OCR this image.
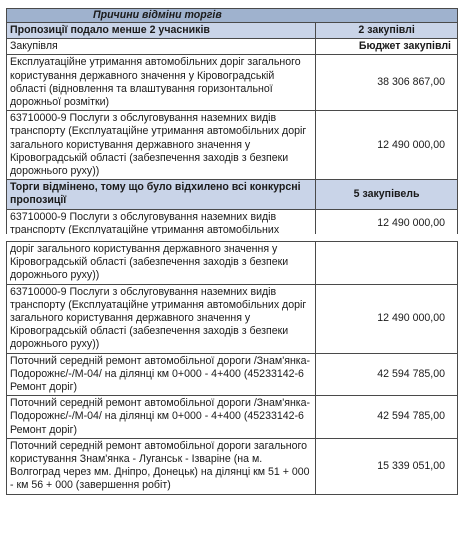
Причини відміни торгів	
Пропозиції подало менше 2 учасників	2 закупівлі
Закупівля	Бюджет закупівлі
Експлуатаційне утримання автомобільних доріг загального користування державного значення у Кіровоградській області (відновлення та влаштування горизонтальної дорожньої розмітки)	38 306 867,00
63710000-9 Послуги з обслуговування наземних видів транспорту (Експлуатаційне утримання автомобільних доріг загального користування державного значення у Кіровоградській області (забезпечення заходів з безпеки дорожнього руху))	12 490 000,00
Торги відмінено, тому що було відхилено всі конкурсні пропозиції	5 закупівель
63710000-9 Послуги з обслуговування наземних видів транспорту (Експлуатаційне утримання автомобільних	12 490 000,00
доріг загального користування державного значення у Кіровоградській області (забезпечення заходів з безпеки дорожнього руху))	
63710000-9 Послуги з обслуговування наземних видів транспорту (Експлуатаційне утримання автомобільних доріг загального користування державного значення у Кіровоградській області (забезпечення заходів з безпеки дорожнього руху))	12 490 000,00
Поточний середній ремонт автомобільної дороги /Знам'янка-Подорожнє/-/М-04/ на ділянці км 0+000 - 4+400 (45233142-6 Ремонт доріг)	42 594 785,00
Поточний середній ремонт автомобільної дороги /Знам'янка-Подорожнє/-/М-04/ на ділянці км 0+000 - 4+400 (45233142-6 Ремонт доріг)	42 594 785,00
Поточний середній ремонт автомобільної дороги загального користування Знам'янка - Луганськ - Ізваріне (на м. Волгоград через мм. Дніпро, Донецьк) на ділянці км 51 + 000 - км 56 + 000 (завершення робіт)	15 339 051,00
